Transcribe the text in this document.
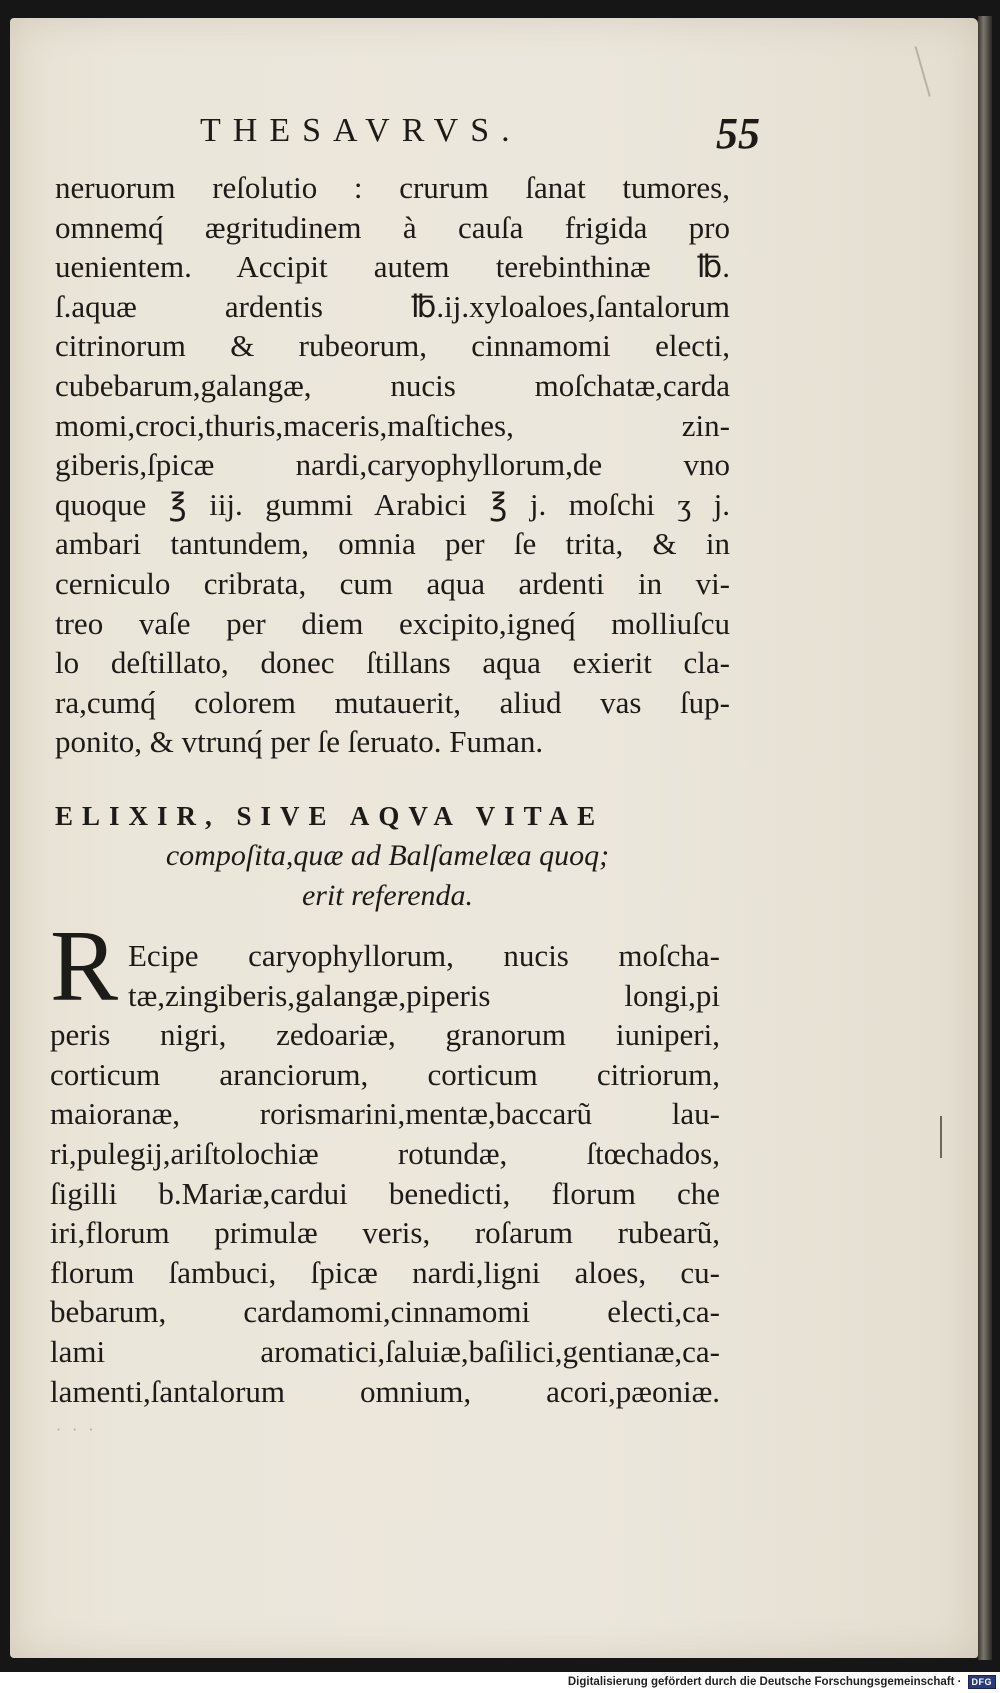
THESAVRVS.	55
neruorum reſolutio : crurum ſanat tumores,
omnemq́ ægritudinem à cauſa frigida pro
uenientem. Accipit autem terebinthinæ ℔.
ſ.aquæ ardentis ℔.ij.xyloaloes,ſantalorum
citrinorum & rubeorum, cinnamomi electi,
cubebarum,galangæ, nucis moſchatæ,carda
momi,croci,thuris,maceris,maſtiches, zin-
giberis,ſpicæ nardi,caryophyllorum,de vno
quoque ℥ iij. gummi Arabici ℥ j. moſchi ʒ j.
ambari tantundem, omnia per ſe trita, & in
cerniculo cribrata, cum aqua ardenti in vi-
treo vaſe per diem excipito,igneq́ molliuſcu
lo deſtillato, donec ſtillans aqua exierit cla-
ra,cumq́ colorem mutauerit, aliud vas ſup-
ponito, & vtrunq́ per ſe ſeruato. Fuman.
ELIXIR, SIVE AQVA VITAE
compoſita,quæ ad Balſamelæa quoq;
erit referenda.
R Ecipe caryophyllorum, nucis moſcha-
tæ,zingiberis,galangæ,piperis longi,pi
peris nigri, zedoariæ, granorum iuniperi,
corticum aranciorum, corticum citriorum,
maioranæ, rorismarini,mentæ,baccarũ lau-
ri,pulegij,ariſtolochiæ rotundæ, ſtœchados,
ſigilli b.Mariæ,cardui benedicti, florum che
iri,florum primulæ veris, roſarum rubearũ,
florum ſambuci, ſpicæ nardi,ligni aloes, cu-
bebarum, cardamomi,cinnamomi electi,ca-
lami aromatici,ſaluiæ,baſilici,gentianæ,ca-
lamenti,ſantalorum omnium, acori,pæoniæ.
· · ·
Digitalisierung gefördert durch die Deutsche Forschungsgemeinschaft ·	DFG
